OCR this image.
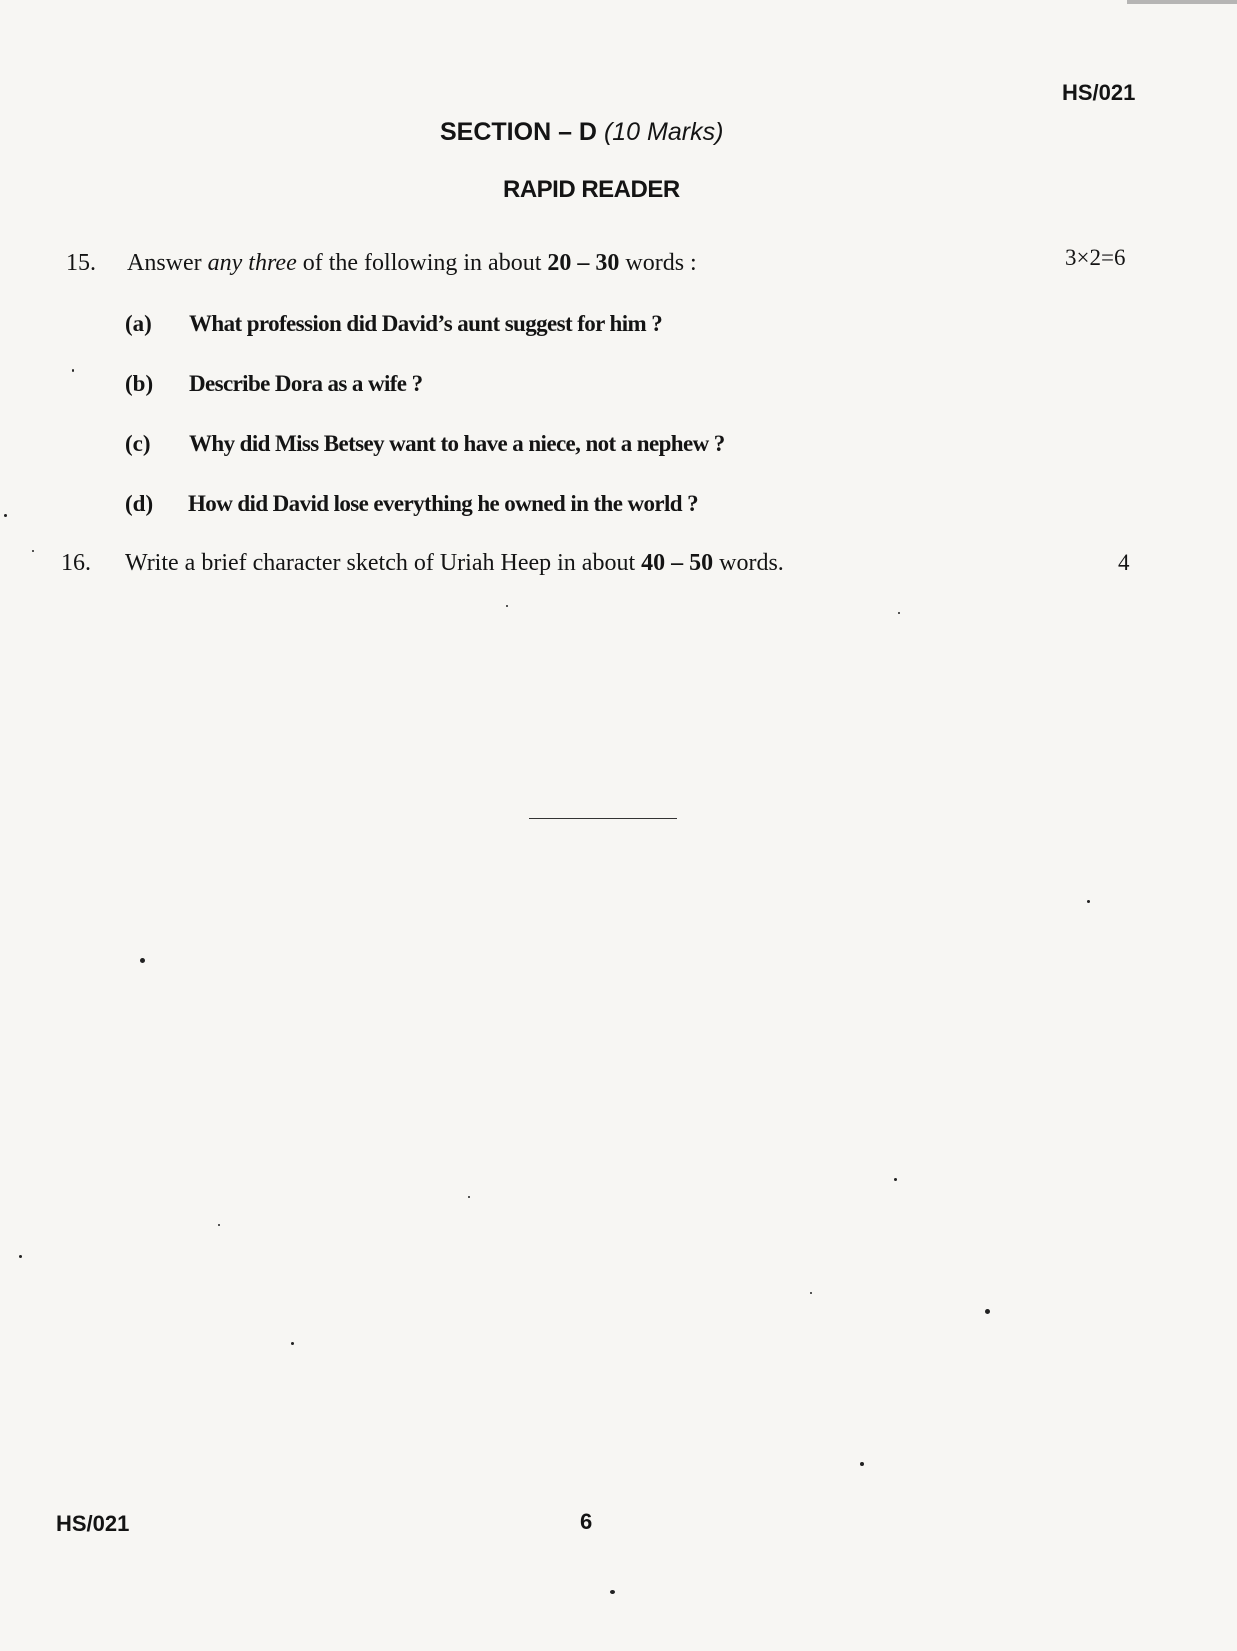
HS/021
SECTION – D (10 Marks)
RAPID READER
15. Answer any three of the following in about 20 – 30 words :	3×2=6
(a) What profession did David’s aunt suggest for him ?
(b) Describe Dora as a wife ?
(c) Why did Miss Betsey want to have a niece, not a nephew ?
(d) How did David lose everything he owned in the world ?
16. Write a brief character sketch of Uriah Heep in about 40 – 50 words.	4
HS/021	6
